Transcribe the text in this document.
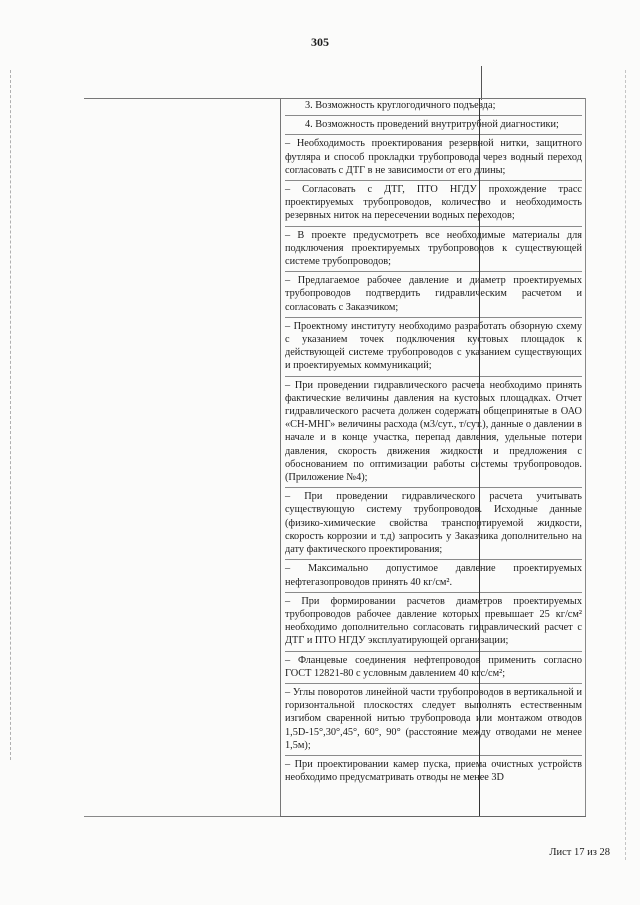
305

3. Возможность круглогодичного подъезда;

4. Возможность проведений внутритрубной диагностики;

– Необходимость проектирования резервной нитки, защитного футляра и способ прокладки трубопровода через водный переход согласовать с ДТГ в не зависимости от его длины;

– Согласовать с ДТГ, ПТО НГДУ прохождение трасс проектируемых трубопроводов, количество и необходимость резервных ниток на пересечении водных переходов;

– В проекте предусмотреть все необходимые материалы для подключения проектируемых трубопроводов к существующей системе трубопроводов;

– Предлагаемое рабочее давление и диаметр проектируемых трубопроводов подтвердить гидравлическим расчетом и согласовать с Заказчиком;

– Проектному институту необходимо разработать обзорную схему с указанием точек подключения кустовых площадок к действующей системе трубопроводов с указанием существующих и проектируемых коммуникаций;

– При проведении гидравлического расчета необходимо принять фактические величины давления на кустовых площадках. Отчет гидравлического расчета должен содержать общепринятые в ОАО «СН-МНГ» величины расхода (м3/сут., т/сут.), данные о давлении в начале и в конце участка, перепад давления, удельные потери давления, скорость движения жидкости и предложения с обоснованием по оптимизации работы системы трубопроводов. (Приложение №4);

– При проведении гидравлического расчета учитывать существующую систему трубопроводов. Исходные данные (физико-химические свойства транспортируемой жидкости, скорость коррозии и т.д) запросить у Заказчика дополнительно на дату фактического проектирования;

– Максимально допустимое давление проектируемых нефтегазопроводов принять 40 кг/см².

– При формировании расчетов диаметров проектируемых трубопроводов рабочее давление которых превышает 25 кг/см² необходимо дополнительно согласовать гидравлический расчет с ДТГ и ПТО НГДУ эксплуатирующей организации;

– Фланцевые соединения нефтепроводов применить согласно ГОСТ 12821-80 с условным давлением 40 кгс/см²;

– Углы поворотов линейной части трубопроводов в вертикальной и горизонтальной плоскостях следует выполнять естественным изгибом сваренной нитью трубопровода или монтажом отводов 1,5D-15°,30°,45°, 60°, 90° (расстояние между отводами не менее 1,5м);

– При проектировании камер пуска, приема очистных устройств необходимо предусматривать отводы не менее 3D

Лист 17 из 28
